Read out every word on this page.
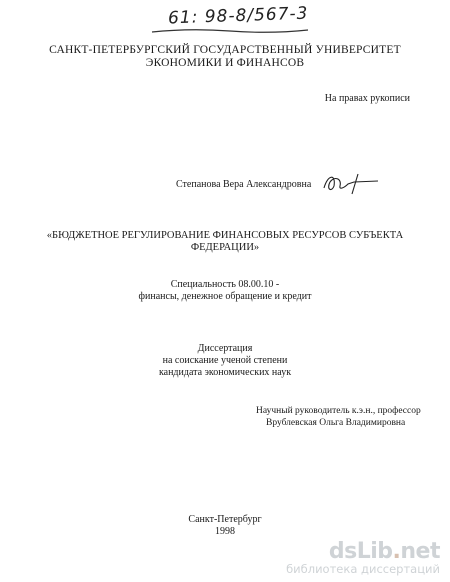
61: 98-8/567-3
САНКТ-ПЕТЕРБУРГСКИЙ ГОСУДАРСТВЕННЫЙ УНИВЕРСИТЕТ
ЭКОНОМИКИ И ФИНАНСОВ
На правах рукописи
Степанова Вера Александровна
«БЮДЖЕТНОЕ РЕГУЛИРОВАНИЕ ФИНАНСОВЫХ РЕСУРСОВ СУБЪЕКТА
ФЕДЕРАЦИИ»
Специальность 08.00.10 -
финансы, денежное обращение и кредит
Диссертация
на соискание ученой степени
кандидата экономических наук
Научный руководитель к.э.н., профессор
Врублевская Ольга Владимировна
Санкт-Петербург
1998
dsLib.net
библиотека диссертаций
